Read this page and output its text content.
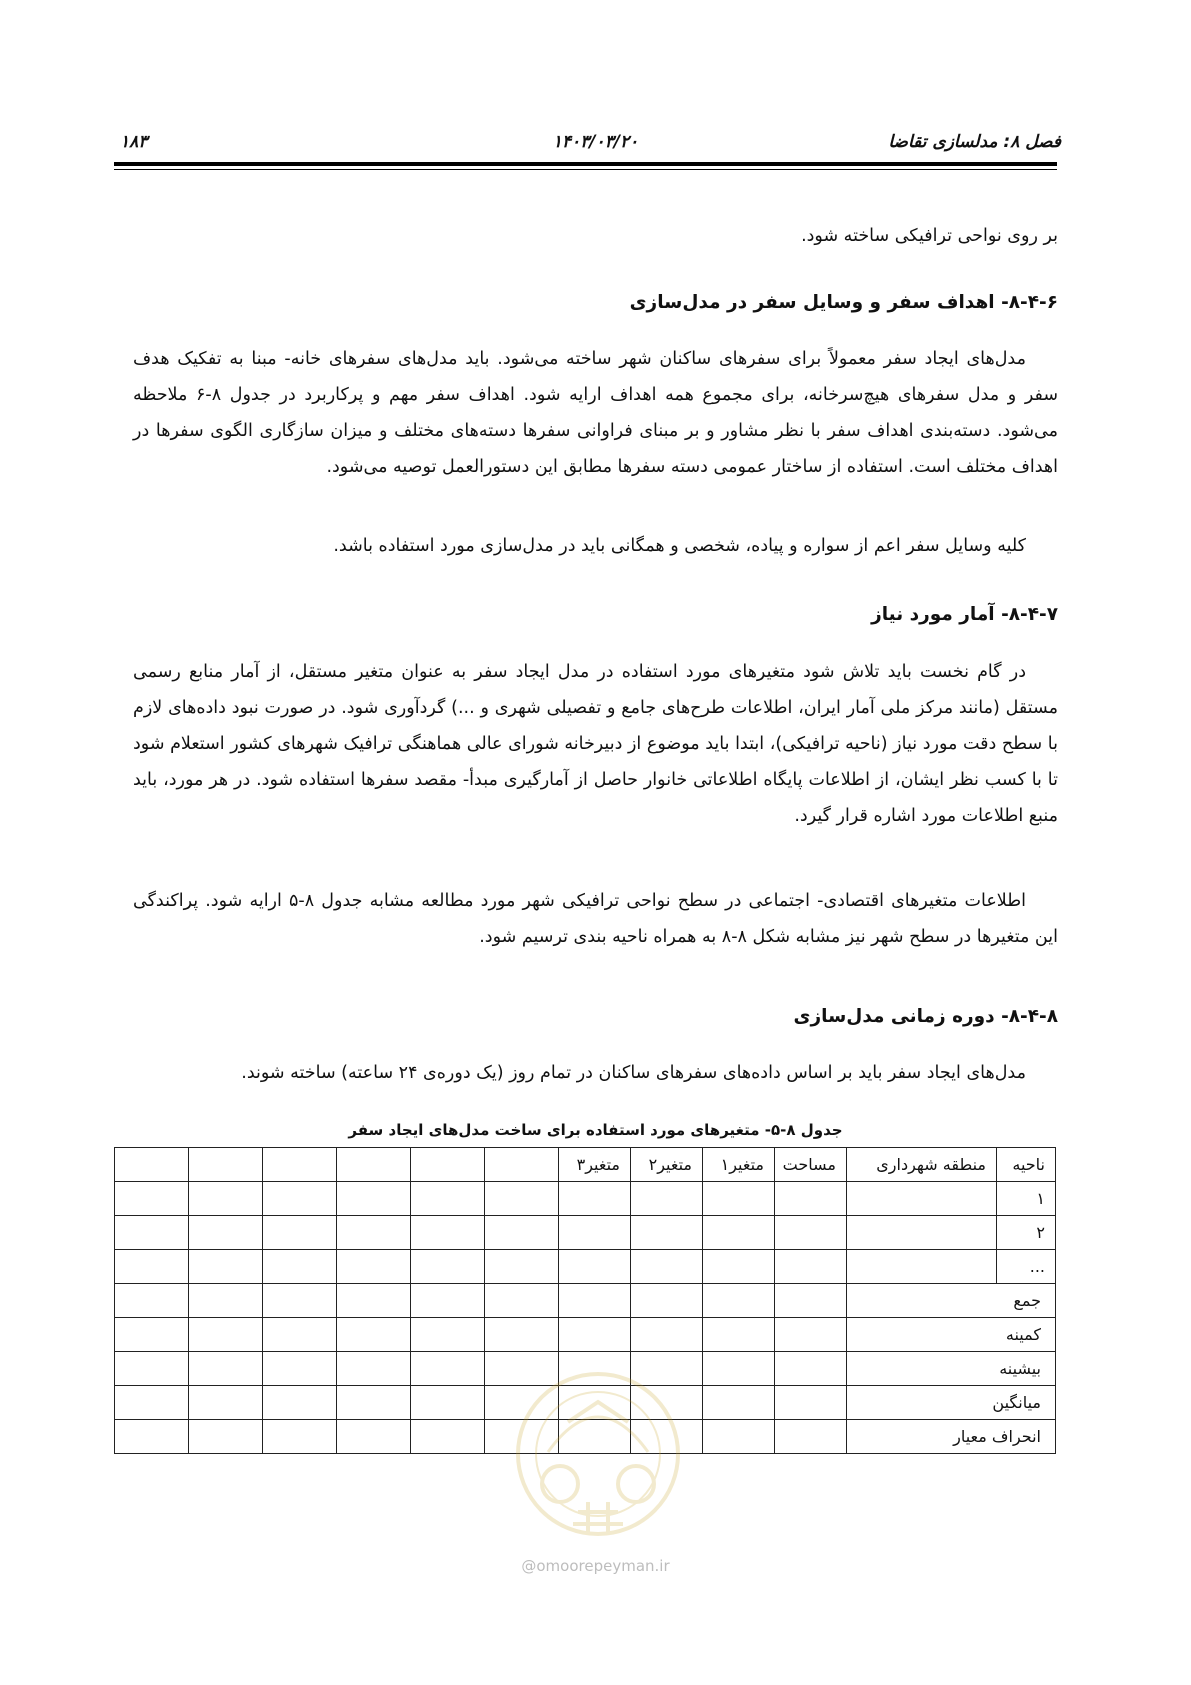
فصل ۸: مدلسازی تقاضا
۱۴۰۳/۰۳/۲۰
۱۸۳

بر روی نواحی ترافیکی ساخته شود.

۸-۴-۶- اهداف سفر و وسایل سفر در مدل‌سازی

مدل‌های ایجاد سفر معمولاً برای سفرهای ساکنان شهر ساخته می‌شود. باید مدل‌های سفرهای خانه- مبنا به تفکیک هدف سفر و مدل سفرهای هیچ‌سرخانه، برای مجموع همه اهداف ارایه شود. اهداف سفر مهم و پرکاربرد در جدول ۸-۶ ملاحظه می‌شود. دسته‌بندی اهداف سفر با نظر مشاور و بر مبنای فراوانی سفرها دسته‌های مختلف و میزان سازگاری الگوی سفرها در اهداف مختلف است. استفاده از ساختار عمومی دسته سفرها مطابق این دستورالعمل توصیه می‌شود.

کلیه وسایل سفر اعم از سواره و پیاده، شخصی و همگانی باید در مدل‌سازی مورد استفاده باشد.

۸-۴-۷- آمار مورد نیاز

در گام نخست باید تلاش شود متغیرهای مورد استفاده در مدل ایجاد سفر به عنوان متغیر مستقل، از آمار منابع رسمی مستقل (مانند مرکز ملی آمار ایران، اطلاعات طرح‌های جامع و تفصیلی شهری و ...) گردآوری شود. در صورت نبود داده‌های لازم با سطح دقت مورد نیاز (ناحیه ترافیکی)، ابتدا باید موضوع از دبیرخانه شورای عالی هماهنگی ترافیک شهرهای کشور استعلام شود تا با کسب نظر ایشان، از اطلاعات پایگاه اطلاعاتی خانوار حاصل از آمارگیری مبدأ- مقصد سفرها استفاده شود. در هر مورد، باید منبع اطلاعات مورد اشاره قرار گیرد.

اطلاعات متغیرهای اقتصادی- اجتماعی در سطح نواحی ترافیکی شهر مورد مطالعه مشابه جدول ۸-۵ ارایه شود. پراکندگی این متغیرها در سطح شهر نیز مشابه شکل ۸-۸ به همراه ناحیه بندی ترسیم شود.

۸-۴-۸- دوره زمانی مدل‌سازی

مدل‌های ایجاد سفر باید بر اساس داده‌های سفرهای ساکنان در تمام روز (یک دوره‌ی ۲۴ ساعته) ساخته شوند.

جدول ۸-۵- متغیرهای مورد استفاده برای ساخت مدل‌های ایجاد سفر

ناحیه	منطقه شهرداری	مساحت	متغیر۱	متغیر۲	متغیر۳						
۱											
۲											
...											
جمع											
کمینه											
بیشینه											
میانگین											
انحراف معیار											

@omoorepeyman.ir
